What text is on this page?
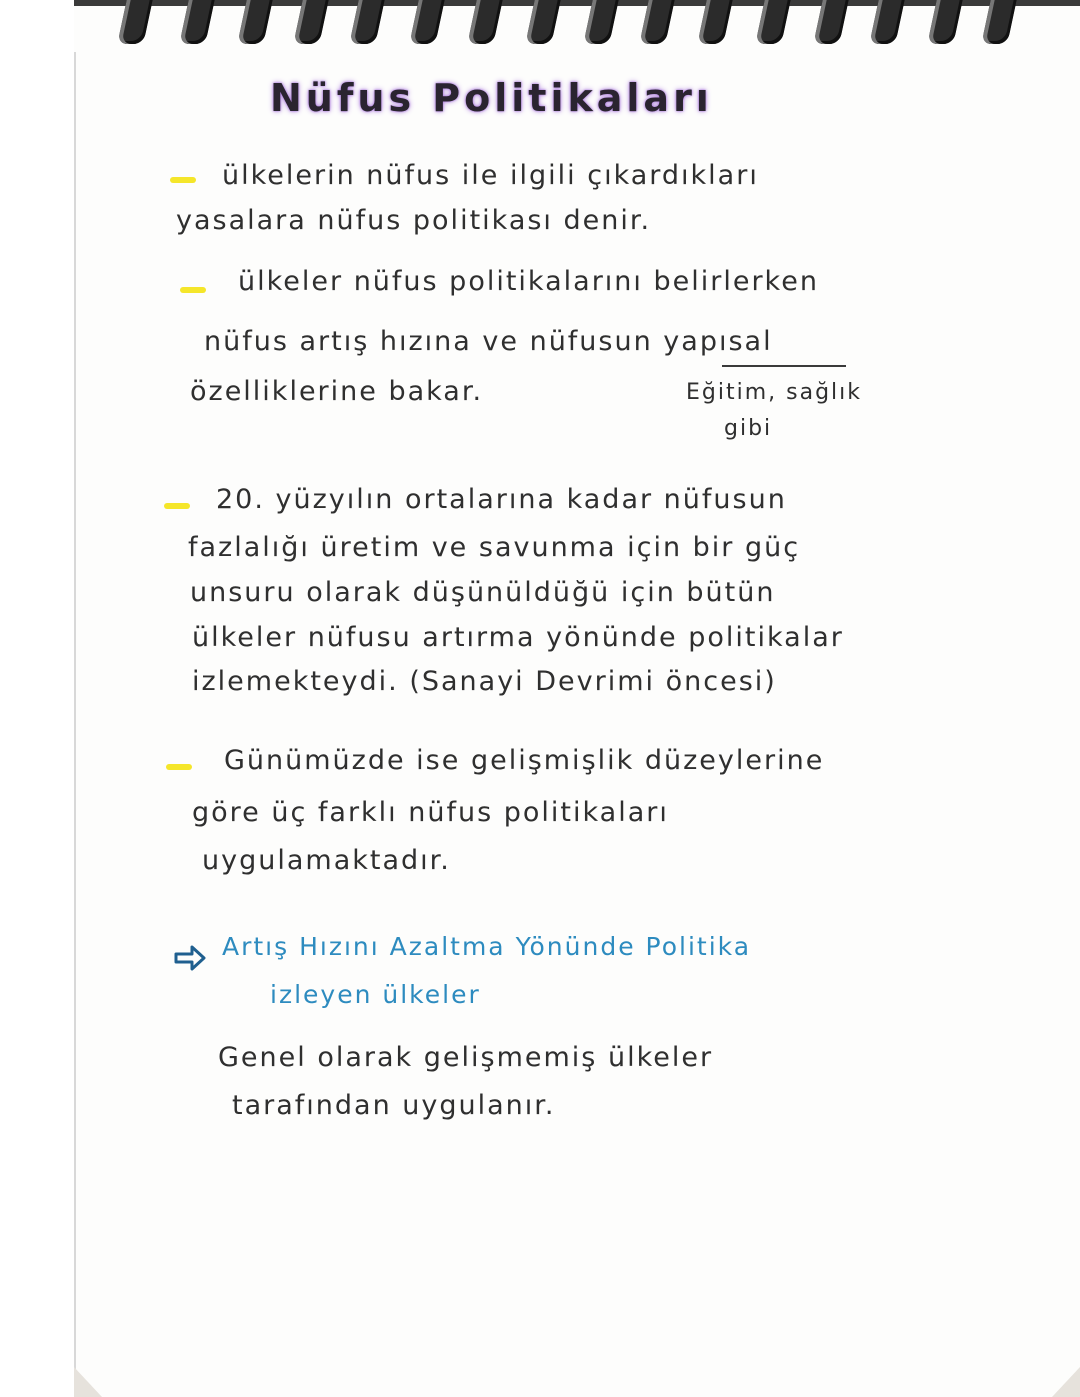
Nüfus Politikaları
ülkelerin nüfus ile ilgili çıkardıkları
yasalara nüfus politikası denir.
ülkeler nüfus politikalarını belirlerken
nüfus artış hızına ve nüfusun yapısal
özelliklerine bakar.	Eğitim, sağlık
gibi
20. yüzyılın ortalarına kadar nüfusun
fazlalığı üretim ve savunma için bir güç
unsuru olarak düşünüldüğü için bütün
ülkeler nüfusu artırma yönünde politikalar
izlemekteydi. (Sanayi Devrimi öncesi)
Günümüzde ise gelişmişlik düzeylerine
göre üç farklı nüfus politikaları
uygulamaktadır.
Artış Hızını Azaltma Yönünde Politika
izleyen ülkeler
Genel olarak gelişmemiş ülkeler
tarafından uygulanır.
